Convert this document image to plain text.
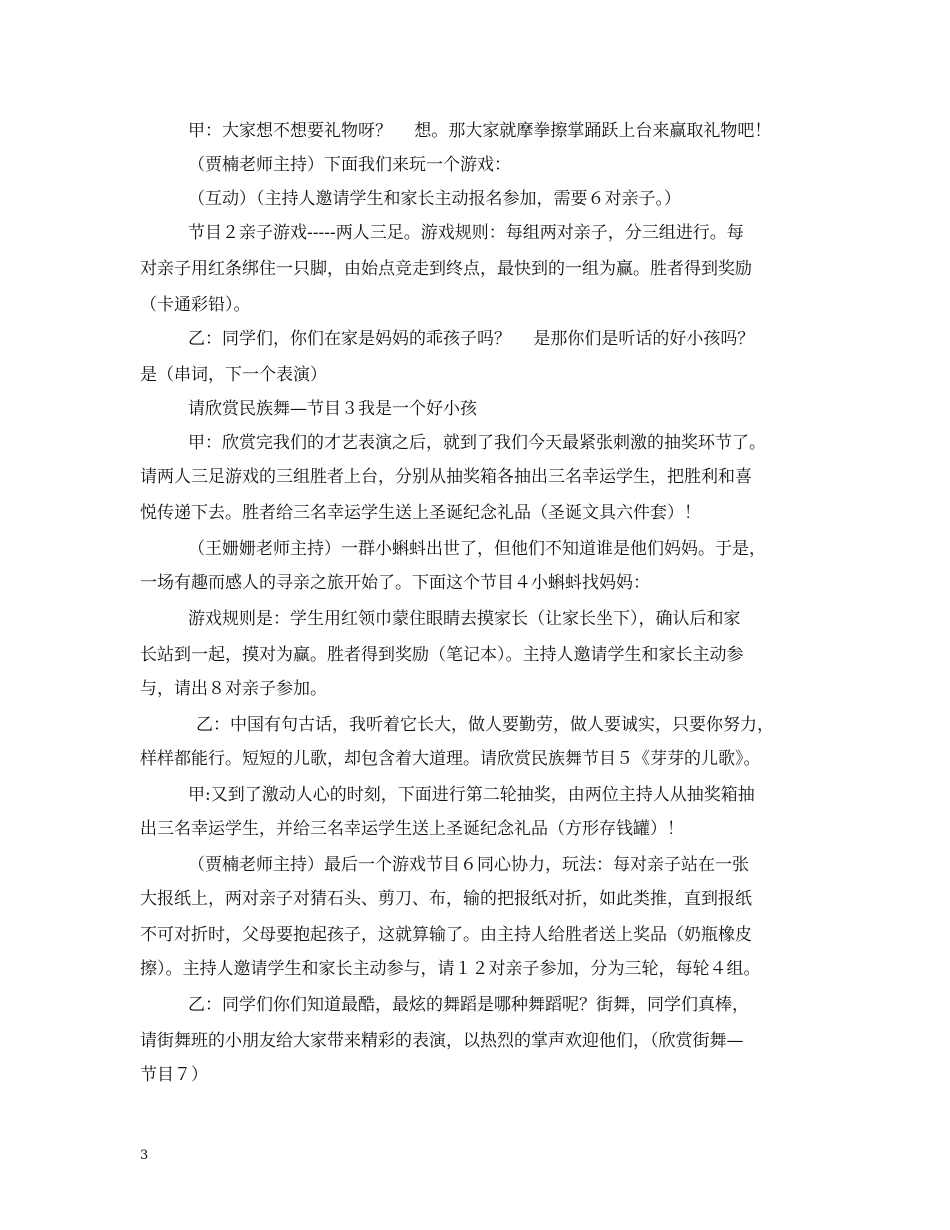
甲：大家想不想要礼物呀？　 想。那大家就摩拳擦掌踊跃上台来赢取礼物吧！
（贾楠老师主持）下面我们来玩一个游戏：
（互动）（主持人邀请学生和家长主动报名参加，需要６对亲子。）
节目２亲子游戏-----两人三足。游戏规则：每组两对亲子，分三组进行。每
对亲子用红条绑住一只脚，由始点竞走到终点，最快到的一组为赢。胜者得到奖励
（卡通彩铅）。
乙：同学们，你们在家是妈妈的乖孩子吗？　 是那你们是听话的好小孩吗？
是（串词，下一个表演）
请欣赏民族舞—节目３我是一个好小孩
甲：欣赏完我们的才艺表演之后，就到了我们今天最紧张刺激的抽奖环节了。
请两人三足游戏的三组胜者上台，分别从抽奖箱各抽出三名幸运学生，把胜利和喜
悦传递下去。胜者给三名幸运学生送上圣诞纪念礼品（圣诞文具六件套）！
（王姗姗老师主持）一群小蝌蚪出世了，但他们不知道谁是他们妈妈。于是，
一场有趣而感人的寻亲之旅开始了。下面这个节目４小蝌蚪找妈妈：
游戏规则是：学生用红领巾蒙住眼睛去摸家长（让家长坐下），确认后和家
长站到一起，摸对为赢。胜者得到奖励（笔记本）。主持人邀请学生和家长主动参
与，请出８对亲子参加。
乙：中国有句古话，我听着它长大，做人要勤劳，做人要诚实，只要你努力，
样样都能行。短短的儿歌，却包含着大道理。请欣赏民族舞节目５《芽芽的儿歌》。
甲:又到了激动人心的时刻，下面进行第二轮抽奖，由两位主持人从抽奖箱抽
出三名幸运学生，并给三名幸运学生送上圣诞纪念礼品（方形存钱罐）！
（贾楠老师主持）最后一个游戏节目６同心协力，玩法：每对亲子站在一张
大报纸上，两对亲子对猜石头、剪刀、布，输的把报纸对折，如此类推，直到报纸
不可对折时，父母要抱起孩子，这就算输了。由主持人给胜者送上奖品（奶瓶橡皮
擦）。主持人邀请学生和家长主动参与，请１２对亲子参加，分为三轮，每轮４组。
乙：同学们你们知道最酷，最炫的舞蹈是哪种舞蹈呢？街舞，同学们真棒，
请街舞班的小朋友给大家带来精彩的表演，以热烈的掌声欢迎他们，（欣赏街舞—
节目７）
3
